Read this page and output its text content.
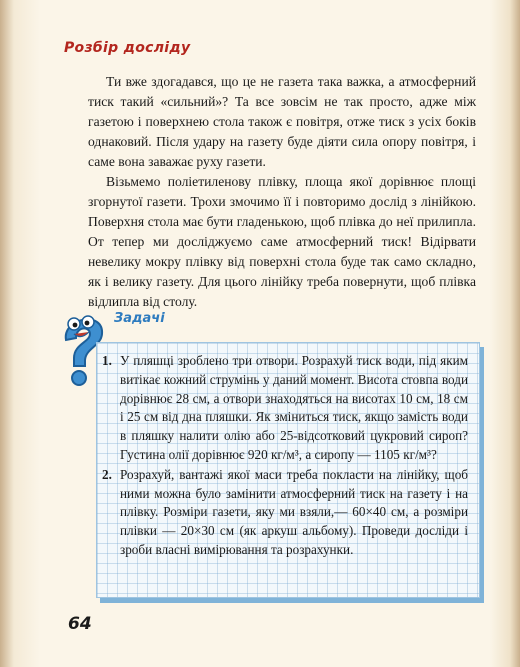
Розбір досліду

Ти вже здогадався, що це не газета така важка, а атмосферний тиск такий «сильний»? Та все зовсім не так просто, адже між газетою і поверхнею стола також є повітря, отже тиск з усіх боків однаковий. Після удару на газету буде діяти сила опору повітря, і саме вона заважає руху газети.

Візьмемо поліетиленову плівку, площа якої дорівнює площі згорнутої газети. Трохи змочимо її і повторимо дослід з лінійкою. Поверхня стола має бути гладенькою, щоб плівка до неї прилипла. От тепер ми досліджуємо саме атмосферний тиск! Відірвати невелику мокру плівку від поверхні стола буде так само складно, як і велику газету. Для цього лінійку треба повернути, щоб плівка відлипла від столу.

Задачі
1. У пляшці зроблено три отвори. Розрахуй тиск води, під яким витікає кожний струмінь у даний момент. Висота стовпа води дорівнює 28 см, а отвори знаходяться на висотах 10 см, 18 см і 25 см від дна пляшки. Як зміниться тиск, якщо замість води в пляшку налити олію або 25-відсотковий цукровий сироп? Густина олії дорівнює 920 кг/м³, а сиропу — 1105 кг/м³?
2. Розрахуй, вантажі якої маси треба покласти на лінійку, щоб ними можна було замінити атмосферний тиск на газету і на плівку. Розміри газети, яку ми взяли,— 60×40 см, а розміри плівки — 20×30 см (як аркуш альбому). Проведи досліди і зроби власні вимірювання та розрахунки.
64
